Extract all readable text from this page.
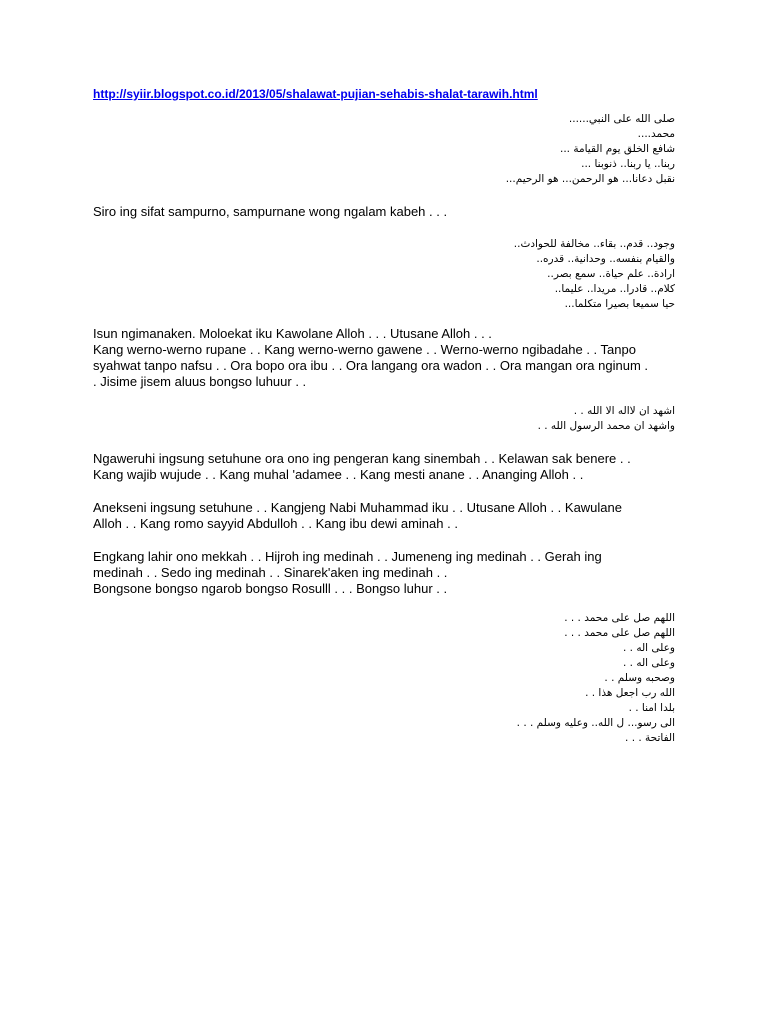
http://syiir.blogspot.co.id/2013/05/shalawat-pujian-sehabis-shalat-tarawih.html
صلى الله على النبي......
محمد....
شافع الخلق يوم القيامة ...
ربنا.. يا ربنا.. ذنوبنا ...
نقبل دعانا... هو الرحمن... هو الرحيم...

Siro ing sifat sampurno, sampurnane wong ngalam kabeh . . .

وجود.. قدم.. بقاء.. مخالفة للحوادث..
والقيام بنفسه.. وحدانية.. قدره..
ارادة.. علم حياة.. سمع بصر..
كلام.. قادرا.. مريدا.. عليما..
حيا سميعا بصيرا متكلما...

Isun ngimanaken. Moloekat iku Kawolane Alloh . . . Utusane Alloh . . .
Kang werno-werno rupane . . Kang werno-werno gawene . . Werno-werno ngibadahe . . Tanpo
syahwat tanpo nafsu . . Ora bopo ora ibu . . Ora langang ora wadon . . Ora mangan ora nginum .
. Jisime jisem aluus bongso luhuur . .

اشهد ان لااله الا الله . .
واشهد ان محمد الرسول الله . .

Ngaweruhi ingsung setuhune ora ono ing pengeran kang sinembah . . Kelawan sak benere . .
Kang wajib wujude . . Kang muhal 'adamee . . Kang mesti anane . . Ananging Alloh . .

Anekseni ingsung setuhune . . Kangjeng Nabi Muhammad iku . . Utusane Alloh . . Kawulane
Alloh . . Kang romo sayyid Abdulloh . . Kang ibu dewi aminah . .

Engkang lahir ono mekkah . . Hijroh ing medinah . . Jumeneng ing medinah . . Gerah ing
medinah . . Sedo ing medinah . . Sinarek'aken ing medinah . .
Bongsone bongso ngarob bongso Rosulll . . . Bongso luhur . .

اللهم صل على محمد . . .
اللهم صل على محمد . . .
وعلى اله . .
وعلى اله . .
وصحبه وسلم . .
الله رب اجعل هذا . .
بلدا امنا . .
الى رسو... ل الله.. وعليه وسلم . . .
الفاتحة . . .
